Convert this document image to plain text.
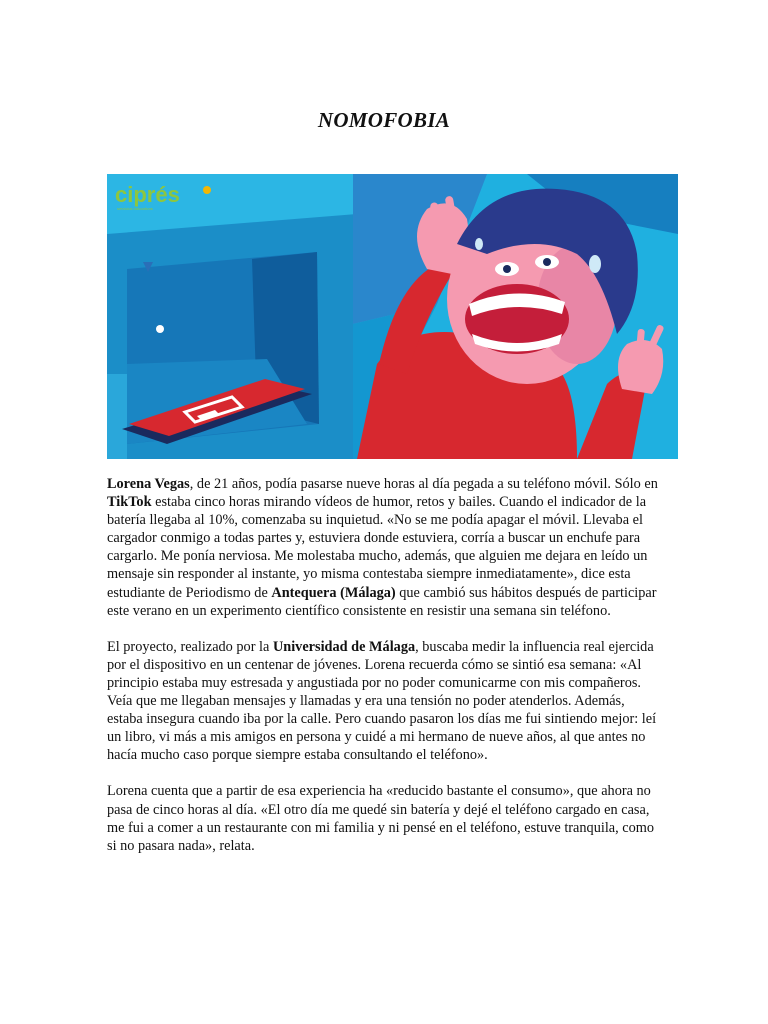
NOMOFOBIA
ciprés
servicios educativos

Lorena Vegas, de 21 años, podía pasarse nueve horas al día pegada a su teléfono móvil. Sólo en TikTok estaba cinco horas mirando vídeos de humor, retos y bailes. Cuando el indicador de la batería llegaba al 10%, comenzaba su inquietud. «No se me podía apagar el móvil. Llevaba el cargador conmigo a todas partes y, estuviera donde estuviera, corría a buscar un enchufe para cargarlo. Me ponía nerviosa. Me molestaba mucho, además, que alguien me dejara en leído un mensaje sin responder al instante, yo misma contestaba siempre inmediatamente», dice esta estudiante de Periodismo de Antequera (Málaga) que cambió sus hábitos después de participar este verano en un experimento científico consistente en resistir una semana sin teléfono.

El proyecto, realizado por la Universidad de Málaga, buscaba medir la influencia real ejercida por el dispositivo en un centenar de jóvenes. Lorena recuerda cómo se sintió esa semana: «Al principio estaba muy estresada y angustiada por no poder comunicarme con mis compañeros. Veía que me llegaban mensajes y llamadas y era una tensión no poder atenderlos. Además, estaba insegura cuando iba por la calle. Pero cuando pasaron los días me fui sintiendo mejor: leí un libro, vi más a mis amigos en persona y cuidé a mi hermano de nueve años, al que antes no hacía mucho caso porque siempre estaba consultando el teléfono».

Lorena cuenta que a partir de esa experiencia ha «reducido bastante el consumo», que ahora no pasa de cinco horas al día. «El otro día me quedé sin batería y dejé el teléfono cargado en casa, me fui a comer a un restaurante con mi familia y ni pensé en el teléfono, estuve tranquila, como si no pasara nada», relata.
